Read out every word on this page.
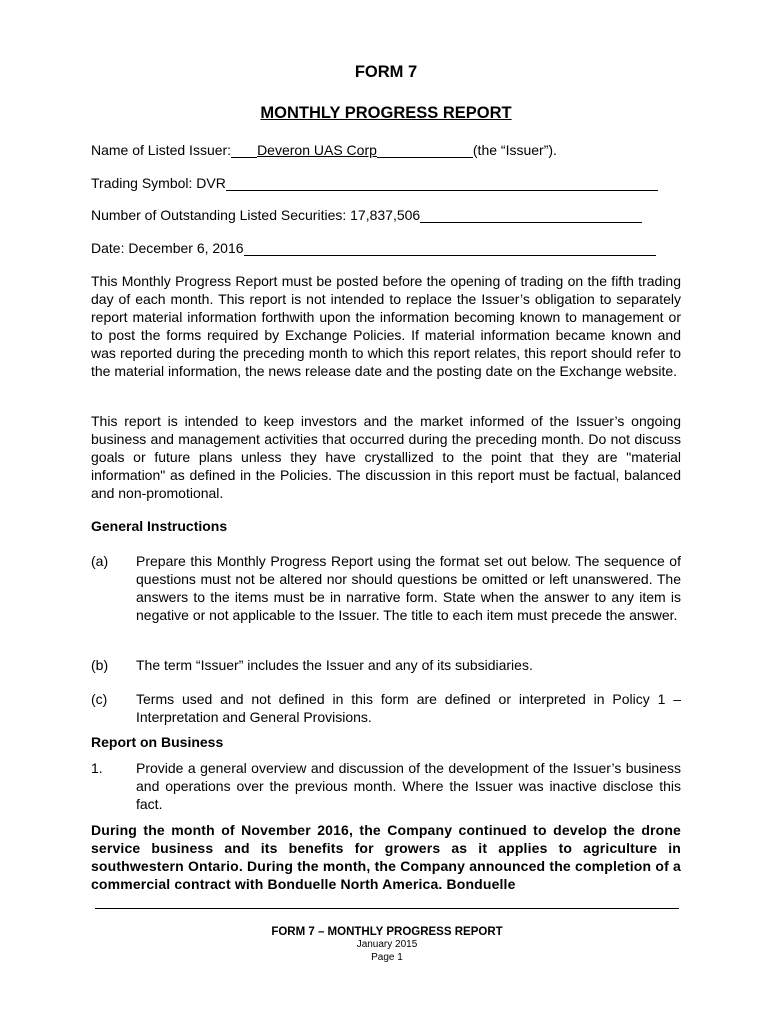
FORM 7
MONTHLY PROGRESS REPORT
Name of Listed Issuer: Deveron UAS Corp	(the “Issuer”).
Trading Symbol: DVR
Number of Outstanding Listed Securities: 17,837,506
Date: December 6, 2016
This Monthly Progress Report must be posted before the opening of trading on the fifth trading day of each month. This report is not intended to replace the Issuer’s obligation to separately report material information forthwith upon the information becoming known to management or to post the forms required by Exchange Policies. If material information became known and was reported during the preceding month to which this report relates, this report should refer to the material information, the news release date and the posting date on the Exchange website.
This report is intended to keep investors and the market informed of the Issuer’s ongoing business and management activities that occurred during the preceding month. Do not discuss goals or future plans unless they have crystallized to the point that they are "material information" as defined in the Policies. The discussion in this report must be factual, balanced and non-promotional.
General Instructions
(a) Prepare this Monthly Progress Report using the format set out below. The sequence of questions must not be altered nor should questions be omitted or left unanswered. The answers to the items must be in narrative form. State when the answer to any item is negative or not applicable to the Issuer. The title to each item must precede the answer.
(b) The term “Issuer” includes the Issuer and any of its subsidiaries.
(c) Terms used and not defined in this form are defined or interpreted in Policy 1 – Interpretation and General Provisions.
Report on Business
1. Provide a general overview and discussion of the development of the Issuer’s business and operations over the previous month. Where the Issuer was inactive disclose this fact.
During the month of November 2016, the Company continued to develop the drone service business and its benefits for growers as it applies to agriculture in southwestern Ontario. During the month, the Company announced the completion of a commercial contract with Bonduelle North America. Bonduelle
FORM 7 – MONTHLY PROGRESS REPORT
January 2015
Page 1
